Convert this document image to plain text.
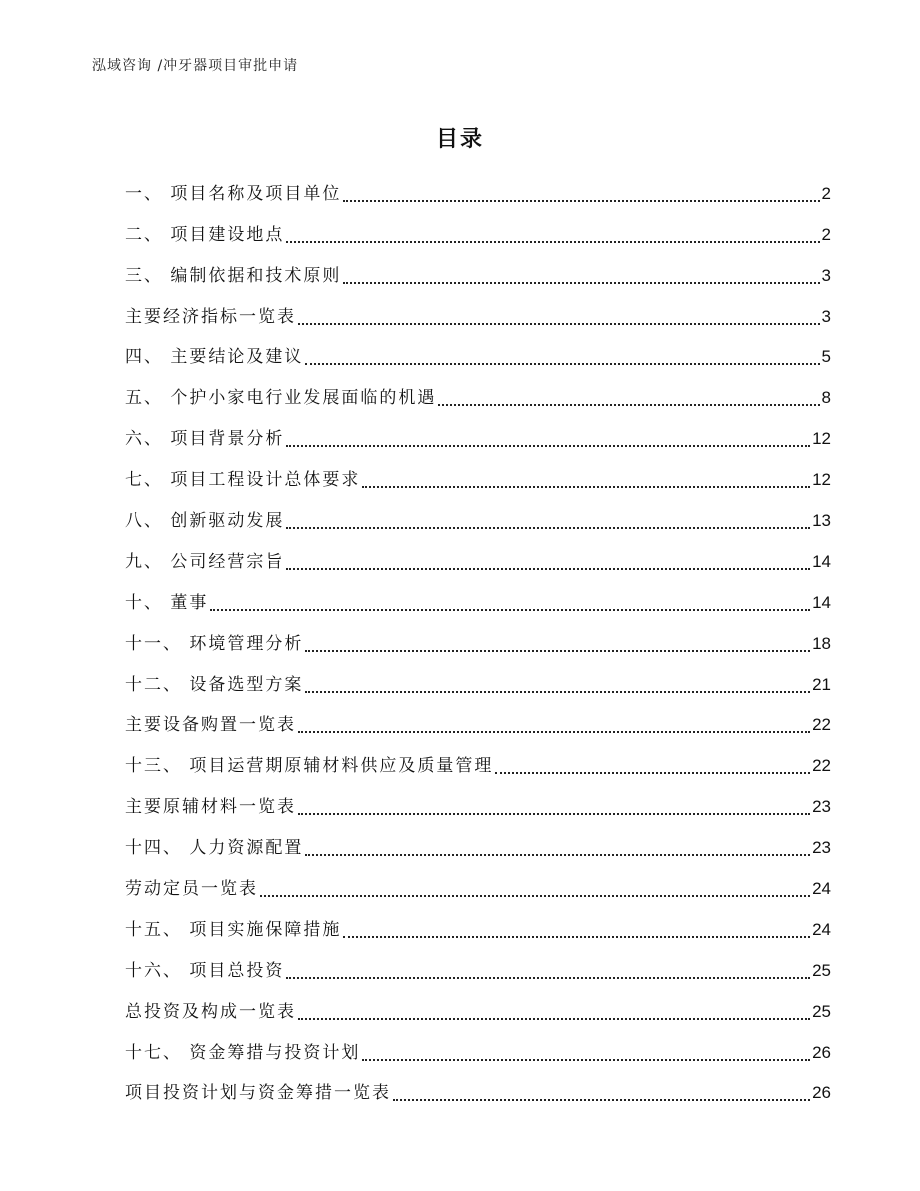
泓域咨询 /冲牙器项目审批申请
目录
一、 项目名称及项目单位	2
二、 项目建设地点	2
三、 编制依据和技术原则	3
主要经济指标一览表	3
四、 主要结论及建议	5
五、 个护小家电行业发展面临的机遇	8
六、 项目背景分析	12
七、 项目工程设计总体要求	12
八、 创新驱动发展	13
九、 公司经营宗旨	14
十、 董事	14
十一、 环境管理分析	18
十二、 设备选型方案	21
主要设备购置一览表	22
十三、 项目运营期原辅材料供应及质量管理	22
主要原辅材料一览表	23
十四、 人力资源配置	23
劳动定员一览表	24
十五、 项目实施保障措施	24
十六、 项目总投资	25
总投资及构成一览表	25
十七、 资金筹措与投资计划	26
项目投资计划与资金筹措一览表	26
